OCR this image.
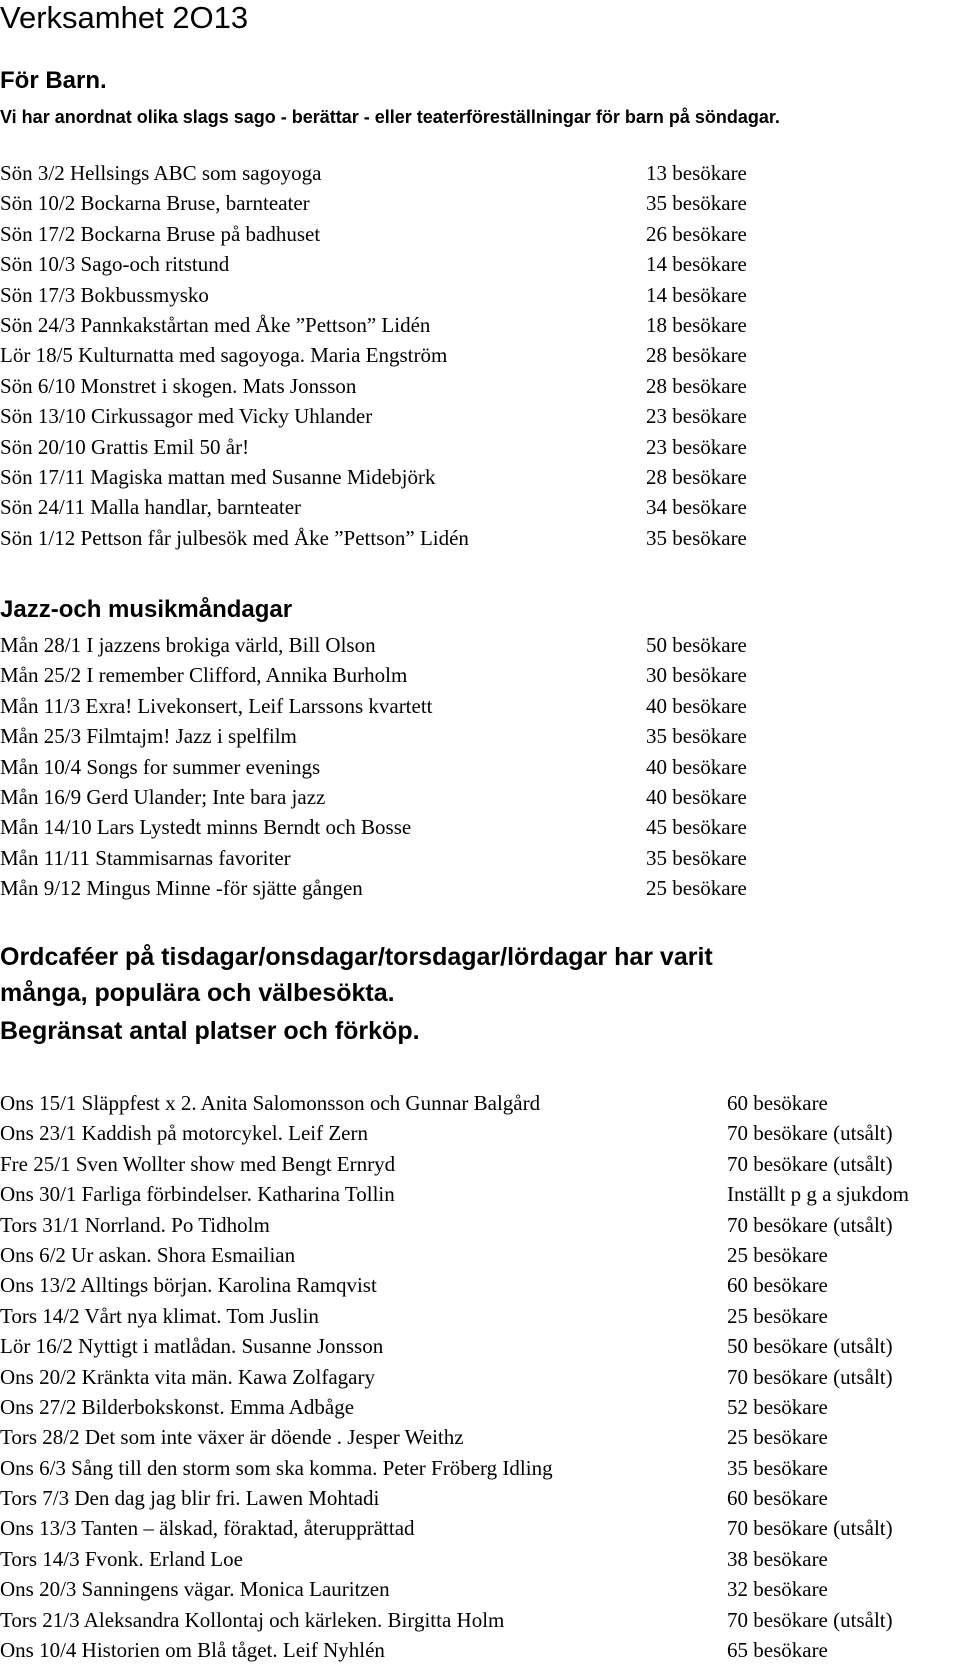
Verksamhet 2O13
För Barn.
Vi har anordnat olika slags sago - berättar - eller teaterföreställningar för barn på söndagar.
Sön 3/2 Hellsings ABC som sagoyoga	13 besökare
Sön 10/2 Bockarna Bruse, barnteater	35 besökare
Sön 17/2 Bockarna Bruse på badhuset	26 besökare
Sön 10/3 Sago-och ritstund	14 besökare
Sön 17/3 Bokbussmysko	14 besökare
Sön 24/3 Pannkakstårtan med Åke ”Pettson” Lidén	18 besökare
Lör 18/5 Kulturnatta med sagoyoga. Maria Engström	28 besökare
Sön 6/10 Monstret i skogen. Mats Jonsson	28 besökare
Sön 13/10 Cirkussagor med Vicky Uhlander	23 besökare
Sön 20/10 Grattis Emil 50 år!	23 besökare
Sön 17/11 Magiska mattan med Susanne Midebjörk	28 besökare
Sön 24/11 Malla handlar, barnteater	34 besökare
Sön 1/12 Pettson får julbesök med Åke ”Pettson” Lidén	35 besökare
Jazz-och musikmåndagar
Mån 28/1 I jazzens brokiga värld, Bill Olson	50 besökare
Mån 25/2 I remember Clifford, Annika Burholm	30 besökare
Mån 11/3 Exra! Livekonsert, Leif Larssons kvartett	40 besökare
Mån 25/3 Filmtajm! Jazz i spelfilm	35 besökare
Mån 10/4 Songs for summer evenings	40 besökare
Mån 16/9 Gerd Ulander; Inte bara jazz	40 besökare
Mån 14/10 Lars Lystedt minns Berndt och Bosse	45 besökare
Mån 11/11 Stammisarnas favoriter	35 besökare
Mån 9/12 Mingus Minne -för sjätte gången	25 besökare
Ordcaféer på tisdagar/onsdagar/torsdagar/lördagar har varit
många, populära och välbesökta.
Begränsat antal platser och förköp.
Ons 15/1 Släppfest x 2. Anita Salomonsson och Gunnar Balgård	60 besökare
Ons 23/1 Kaddish på motorcykel. Leif Zern	70 besökare (utsålt)
Fre 25/1 Sven Wollter show med Bengt Ernryd	70 besökare (utsålt)
Ons 30/1 Farliga förbindelser. Katharina Tollin	Inställt p g a sjukdom
Tors 31/1 Norrland. Po Tidholm	70 besökare (utsålt)
Ons 6/2 Ur askan. Shora Esmailian	25 besökare
Ons 13/2 Alltings början. Karolina Ramqvist	60 besökare
Tors 14/2 Vårt nya klimat. Tom Juslin	25 besökare
Lör 16/2 Nyttigt i matlådan. Susanne Jonsson	50 besökare (utsålt)
Ons 20/2 Kränkta vita män. Kawa Zolfagary	70 besökare (utsålt)
Ons 27/2 Bilderbokskonst. Emma Adbåge	52 besökare
Tors 28/2 Det som inte växer är döende . Jesper Weithz	25 besökare
Ons 6/3 Sång till den storm som ska komma. Peter Fröberg Idling	35 besökare
Tors 7/3 Den dag jag blir fri. Lawen Mohtadi	60 besökare
Ons 13/3 Tanten – älskad, föraktad, återupprättad	70 besökare (utsålt)
Tors 14/3 Fvonk. Erland Loe	38 besökare
Ons 20/3 Sanningens vägar. Monica Lauritzen	32 besökare
Tors 21/3 Aleksandra Kollontaj och kärleken. Birgitta Holm	70 besökare (utsålt)
Ons 10/4 Historien om Blå tåget. Leif Nyhlén	65 besökare
